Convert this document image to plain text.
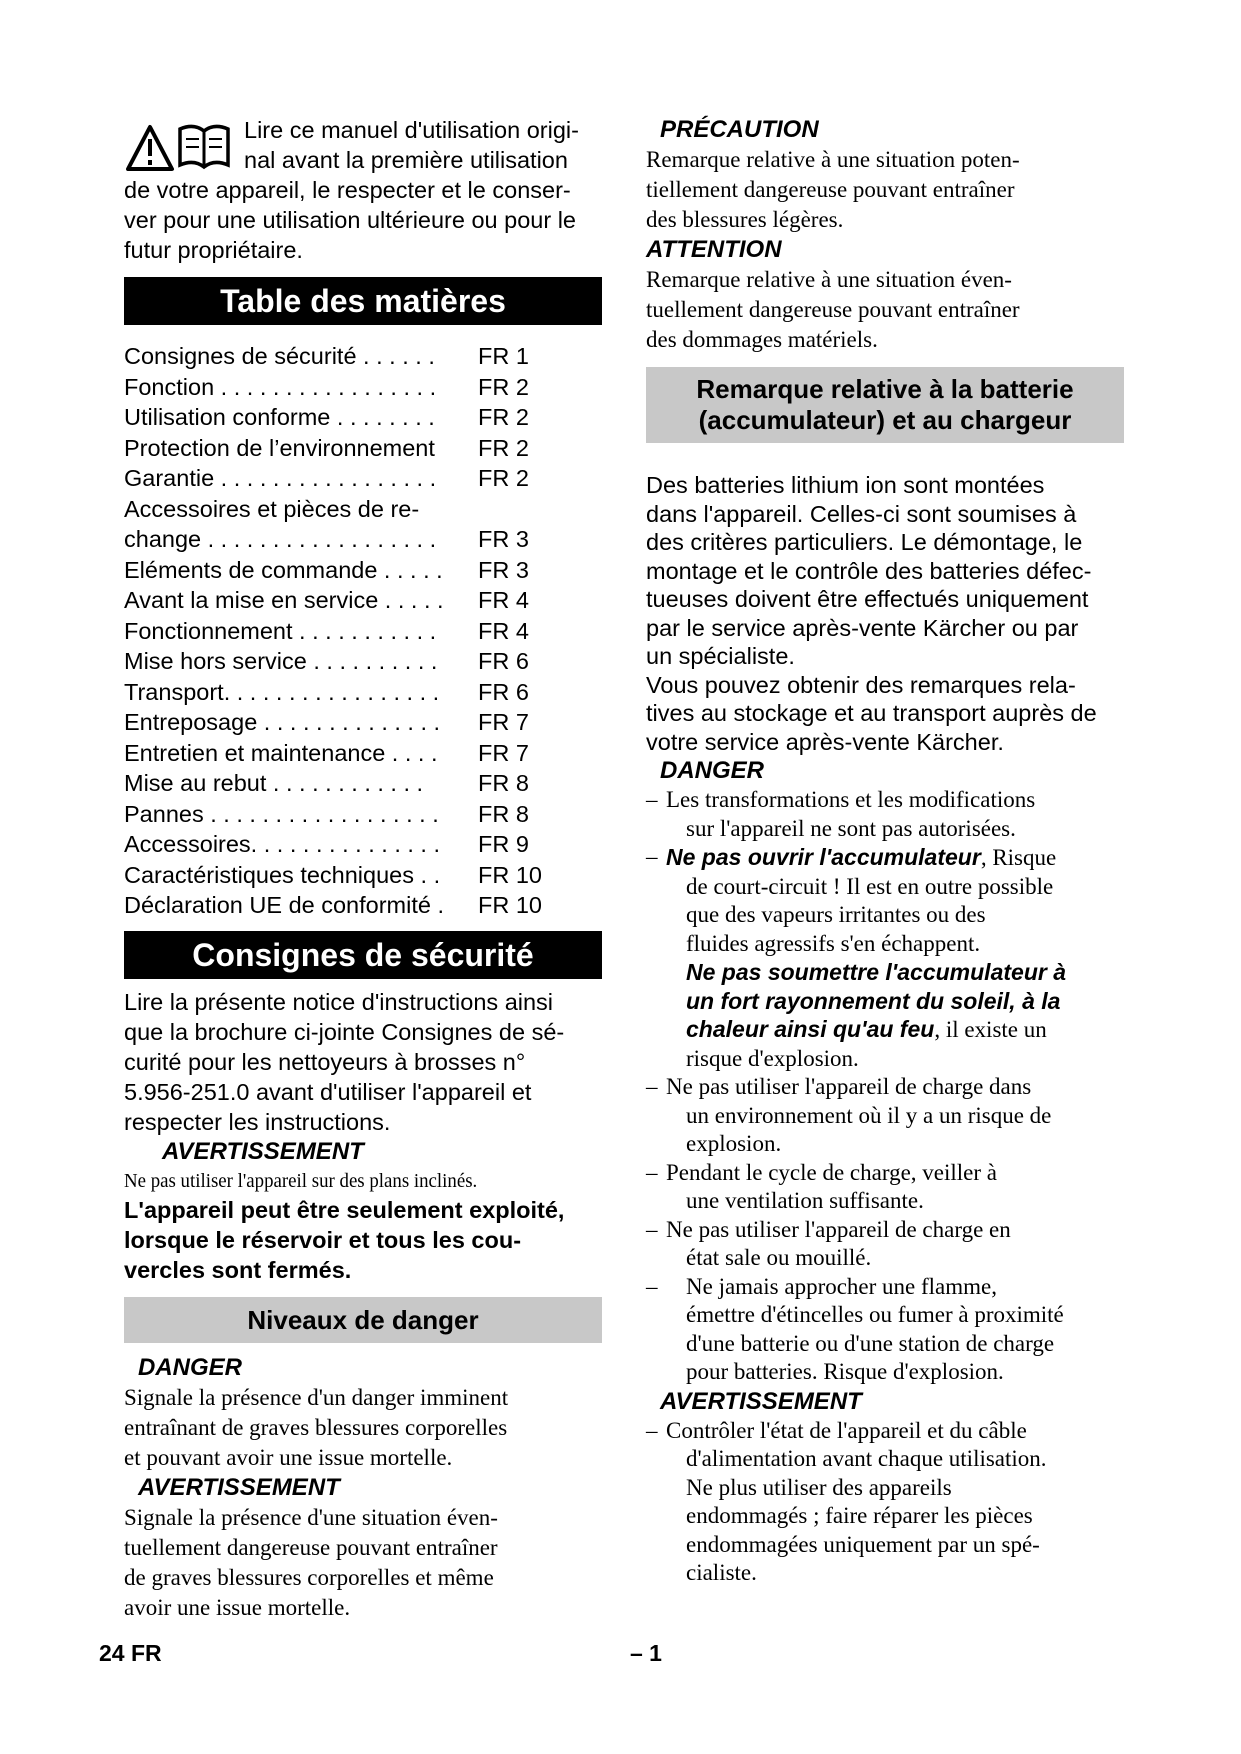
Lire ce manuel d'utilisation origi-
nal avant la première utilisation
de votre appareil, le respecter et le conser-
ver pour une utilisation ultérieure ou pour le
futur propriétaire.
Table des matières
Consignes de sécurité . . . . . . FR 1
Fonction . . . . . . . . . . . . . . . . . FR 2
Utilisation conforme . . . . . . . . FR 2
Protection de l’environnement FR 2
Garantie . . . . . . . . . . . . . . . . . FR 2
Accessoires et pièces de re-
change . . . . . . . . . . . . . . . . . . FR 3
Eléments de commande . . . . . FR 3
Avant la mise en service . . . . . FR 4
Fonctionnement . . . . . . . . . . . FR 4
Mise hors service . . . . . . . . . . FR 6
Transport. . . . . . . . . . . . . . . . . FR 6
Entreposage . . . . . . . . . . . . . . FR 7
Entretien et maintenance . . . . FR 7
Mise au rebut . . . . . . . . . . . . FR 8
Pannes . . . . . . . . . . . . . . . . . . FR 8
Accessoires. . . . . . . . . . . . . . . FR 9
Caractéristiques techniques . . FR 10
Déclaration UE de conformité . FR 10
Consignes de sécurité
Lire la présente notice d'instructions ainsi
que la brochure ci-jointe Consignes de sé-
curité pour les nettoyeurs à brosses n°
5.956-251.0 avant d'utiliser l'appareil et
respecter les instructions.
AVERTISSEMENT
Ne pas utiliser l'appareil sur des plans inclinés.
L'appareil peut être seulement exploité,
lorsque le réservoir et tous les cou-
vercles sont fermés.
Niveaux de danger
DANGER
Signale la présence d'un danger imminent
entraînant de graves blessures corporelles
et pouvant avoir une issue mortelle.
AVERTISSEMENT
Signale la présence d'une situation éven-
tuellement dangereuse pouvant entraîner
de graves blessures corporelles et même
avoir une issue mortelle.
PRÉCAUTION
Remarque relative à une situation poten-
tiellement dangereuse pouvant entraîner
des blessures légères.
ATTENTION
Remarque relative à une situation éven-
tuellement dangereuse pouvant entraîner
des dommages matériels.
Remarque relative à la batterie
(accumulateur) et au chargeur
Des batteries lithium ion sont montées
dans l'appareil. Celles-ci sont soumises à
des critères particuliers. Le démontage, le
montage et le contrôle des batteries défec-
tueuses doivent être effectués uniquement
par le service après-vente Kärcher ou par
un spécialiste.
Vous pouvez obtenir des remarques rela-
tives au stockage et au transport auprès de
votre service après-vente Kärcher.
DANGER
– Les transformations et les modifications
sur l'appareil ne sont pas autorisées.
– Ne pas ouvrir l'accumulateur, Risque
de court-circuit ! Il est en outre possible
que des vapeurs irritantes ou des
fluides agressifs s'en échappent.
Ne pas soumettre l'accumulateur à
un fort rayonnement du soleil, à la
chaleur ainsi qu'au feu, il existe un
risque d'explosion.
– Ne pas utiliser l'appareil de charge dans
un environnement où il y a un risque de
explosion.
– Pendant le cycle de charge, veiller à
une ventilation suffisante.
– Ne pas utiliser l'appareil de charge en
état sale ou mouillé.
– Ne jamais approcher une flamme,
émettre d'étincelles ou fumer à proximité
d'une batterie ou d'une station de charge
pour batteries. Risque d'explosion.
AVERTISSEMENT
– Contrôler l'état de l'appareil et du câble
d'alimentation avant chaque utilisation.
Ne plus utiliser des appareils
endommagés ; faire réparer les pièces
endommagées uniquement par un spé-
cialiste.
24 FR	– 1
